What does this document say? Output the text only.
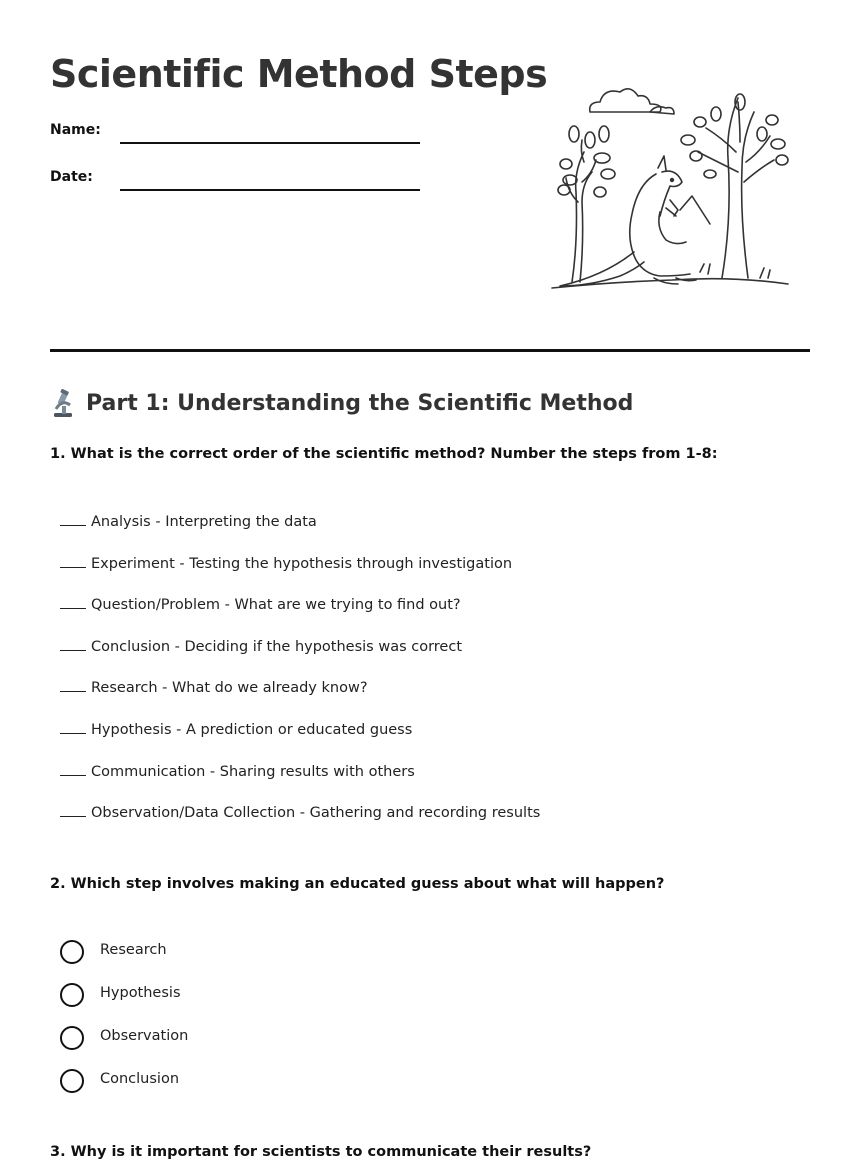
Scientific Method Steps
Name:
Date:
Part 1: Understanding the Scientific Method

1. What is the correct order of the scientific method? Number the steps from 1-8:

Analysis - Interpreting the data
Experiment - Testing the hypothesis through investigation
Question/Problem - What are we trying to find out?
Conclusion - Deciding if the hypothesis was correct
Research - What do we already know?
Hypothesis - A prediction or educated guess
Communication - Sharing results with others
Observation/Data Collection - Gathering and recording results

2. Which step involves making an educated guess about what will happen?

Research
Hypothesis
Observation
Conclusion

3. Why is it important for scientists to communicate their results?
